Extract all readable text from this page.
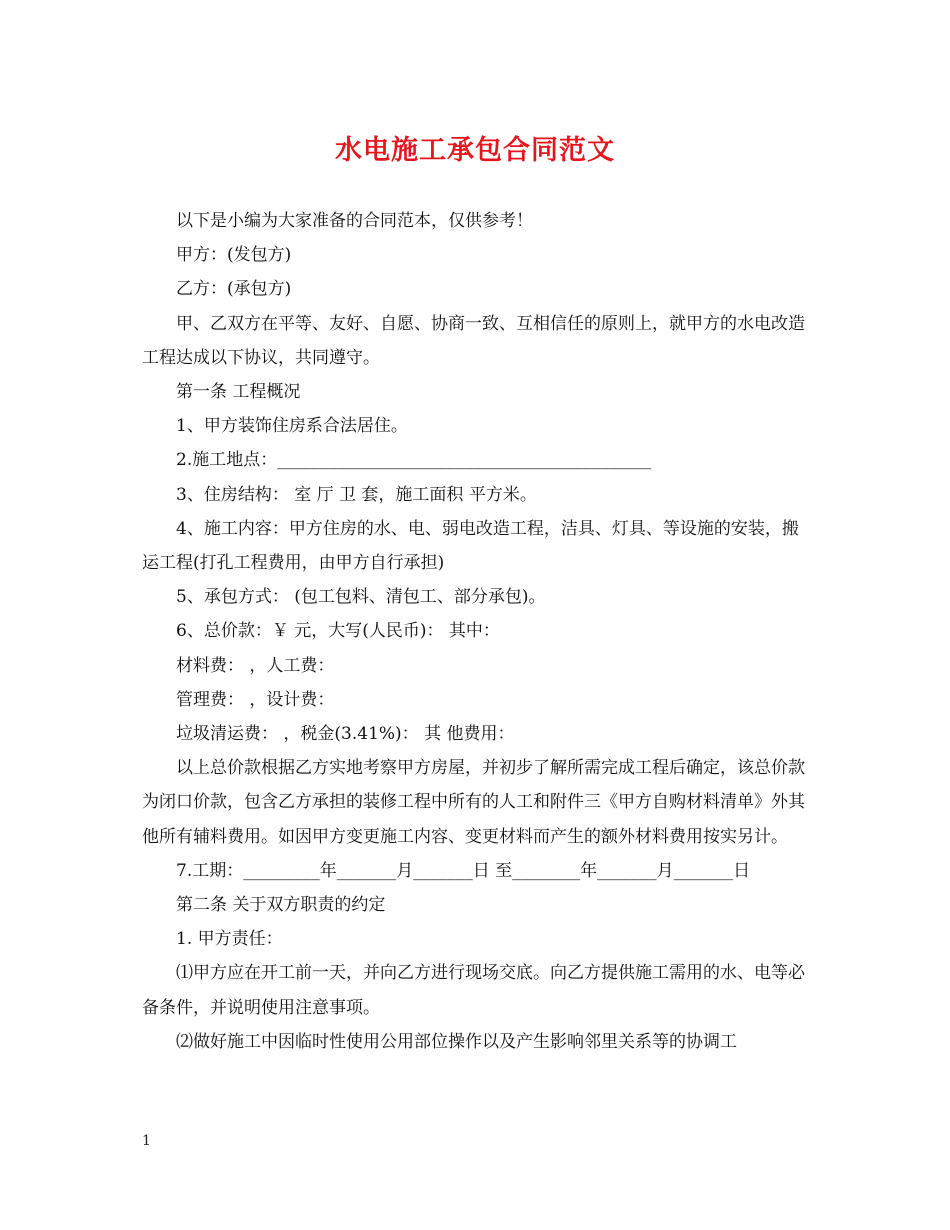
水电施工承包合同范文

以下是小编为大家准备的合同范本，仅供参考！

甲方：(发包方)

乙方：(承包方)

甲、乙双方在平等、友好、自愿、协商一致、互相信任的原则上，就甲方的水电改造工程达成以下协议，共同遵守。

第一条 工程概况

1、甲方装饰住房系合法居住。

2.施工地点：____________________________________________

3、住房结构： 室 厅 卫 套，施工面积 平方米。

4、施工内容：甲方住房的水、电、弱电改造工程，洁具、灯具、等设施的安装，搬运工程(打孔工程费用，由甲方自行承担)

5、承包方式： (包工包料、清包工、部分承包)。

6、总价款：￥ 元，大写(人民币)： 其中：

材料费： ，人工费：

管理费： ，设计费：

垃圾清运费： ，税金(3.41%)： 其 他费用：

以上总价款根据乙方实地考察甲方房屋，并初步了解所需完成工程后确定，该总价款为闭口价款，包含乙方承担的装修工程中所有的人工和附件三《甲方自购材料清单》外其他所有辅料费用。如因甲方变更施工内容、变更材料而产生的额外材料费用按实另计。

7.工期：_________年_______月_______日 至________年_______月_______日

第二条 关于双方职责的约定

1. 甲方责任：

⑴甲方应在开工前一天，并向乙方进行现场交底。向乙方提供施工需用的水、电等必备条件，并说明使用注意事项。

⑵做好施工中因临时性使用公用部位操作以及产生影响邻里关系等的协调工

1
